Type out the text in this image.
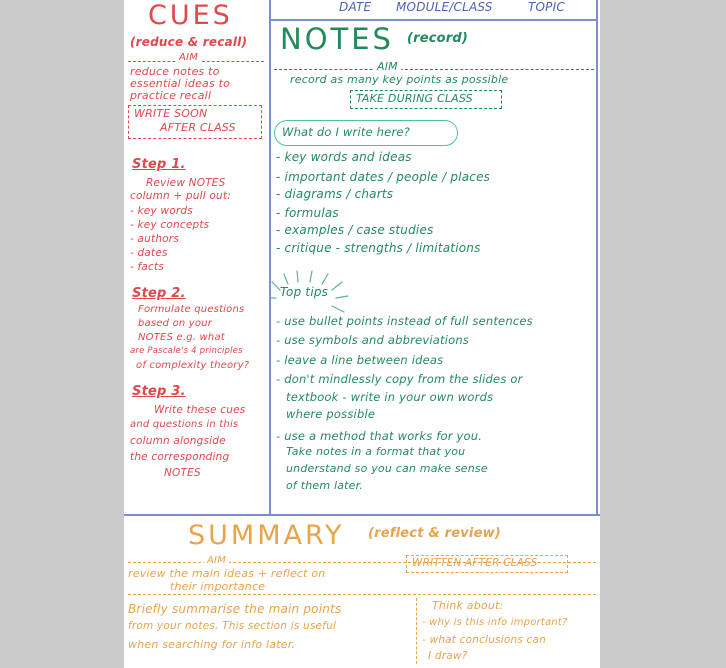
DATE MODULE/CLASS	TOPIC
CUES
(reduce & recall)
AIM
reduce notes to
essential ideas to
practice recall
WRITE SOON
AFTER CLASS
Step 1.
Review NOTES
column + pull out:
- key words
- key concepts
- authors
- dates
- facts
Step 2.
Formulate questions
based on your
NOTES e.g. what
are Pascale's 4 principles
of complexity theory?
Step 3.
Write these cues
and questions in this
column alongside
the corresponding
NOTES
NOTES (record)
AIM
record as many key points as possible
TAKE DURING CLASS
What do I write here?
- key words and ideas
- important dates / people / places
- diagrams / charts
- formulas
- examples / case studies
- critique - strengths / limitations
Top tips
- use bullet points instead of full sentences
- use symbols and abbreviations
- leave a line between ideas
- don't mindlessly copy from the slides or
textbook - write in your own words
where possible
- use a method that works for you.
Take notes in a format that you
understand so you can make sense
of them later.
SUMMARY (reflect & review)
AIM
review the main ideas + reflect on
their importance
WRITTEN AFTER CLASS
Briefly summarise the main points
from your notes. This section is useful
when searching for info later.
Think about:
- why is this info important?
- what conclusions can
I draw?
